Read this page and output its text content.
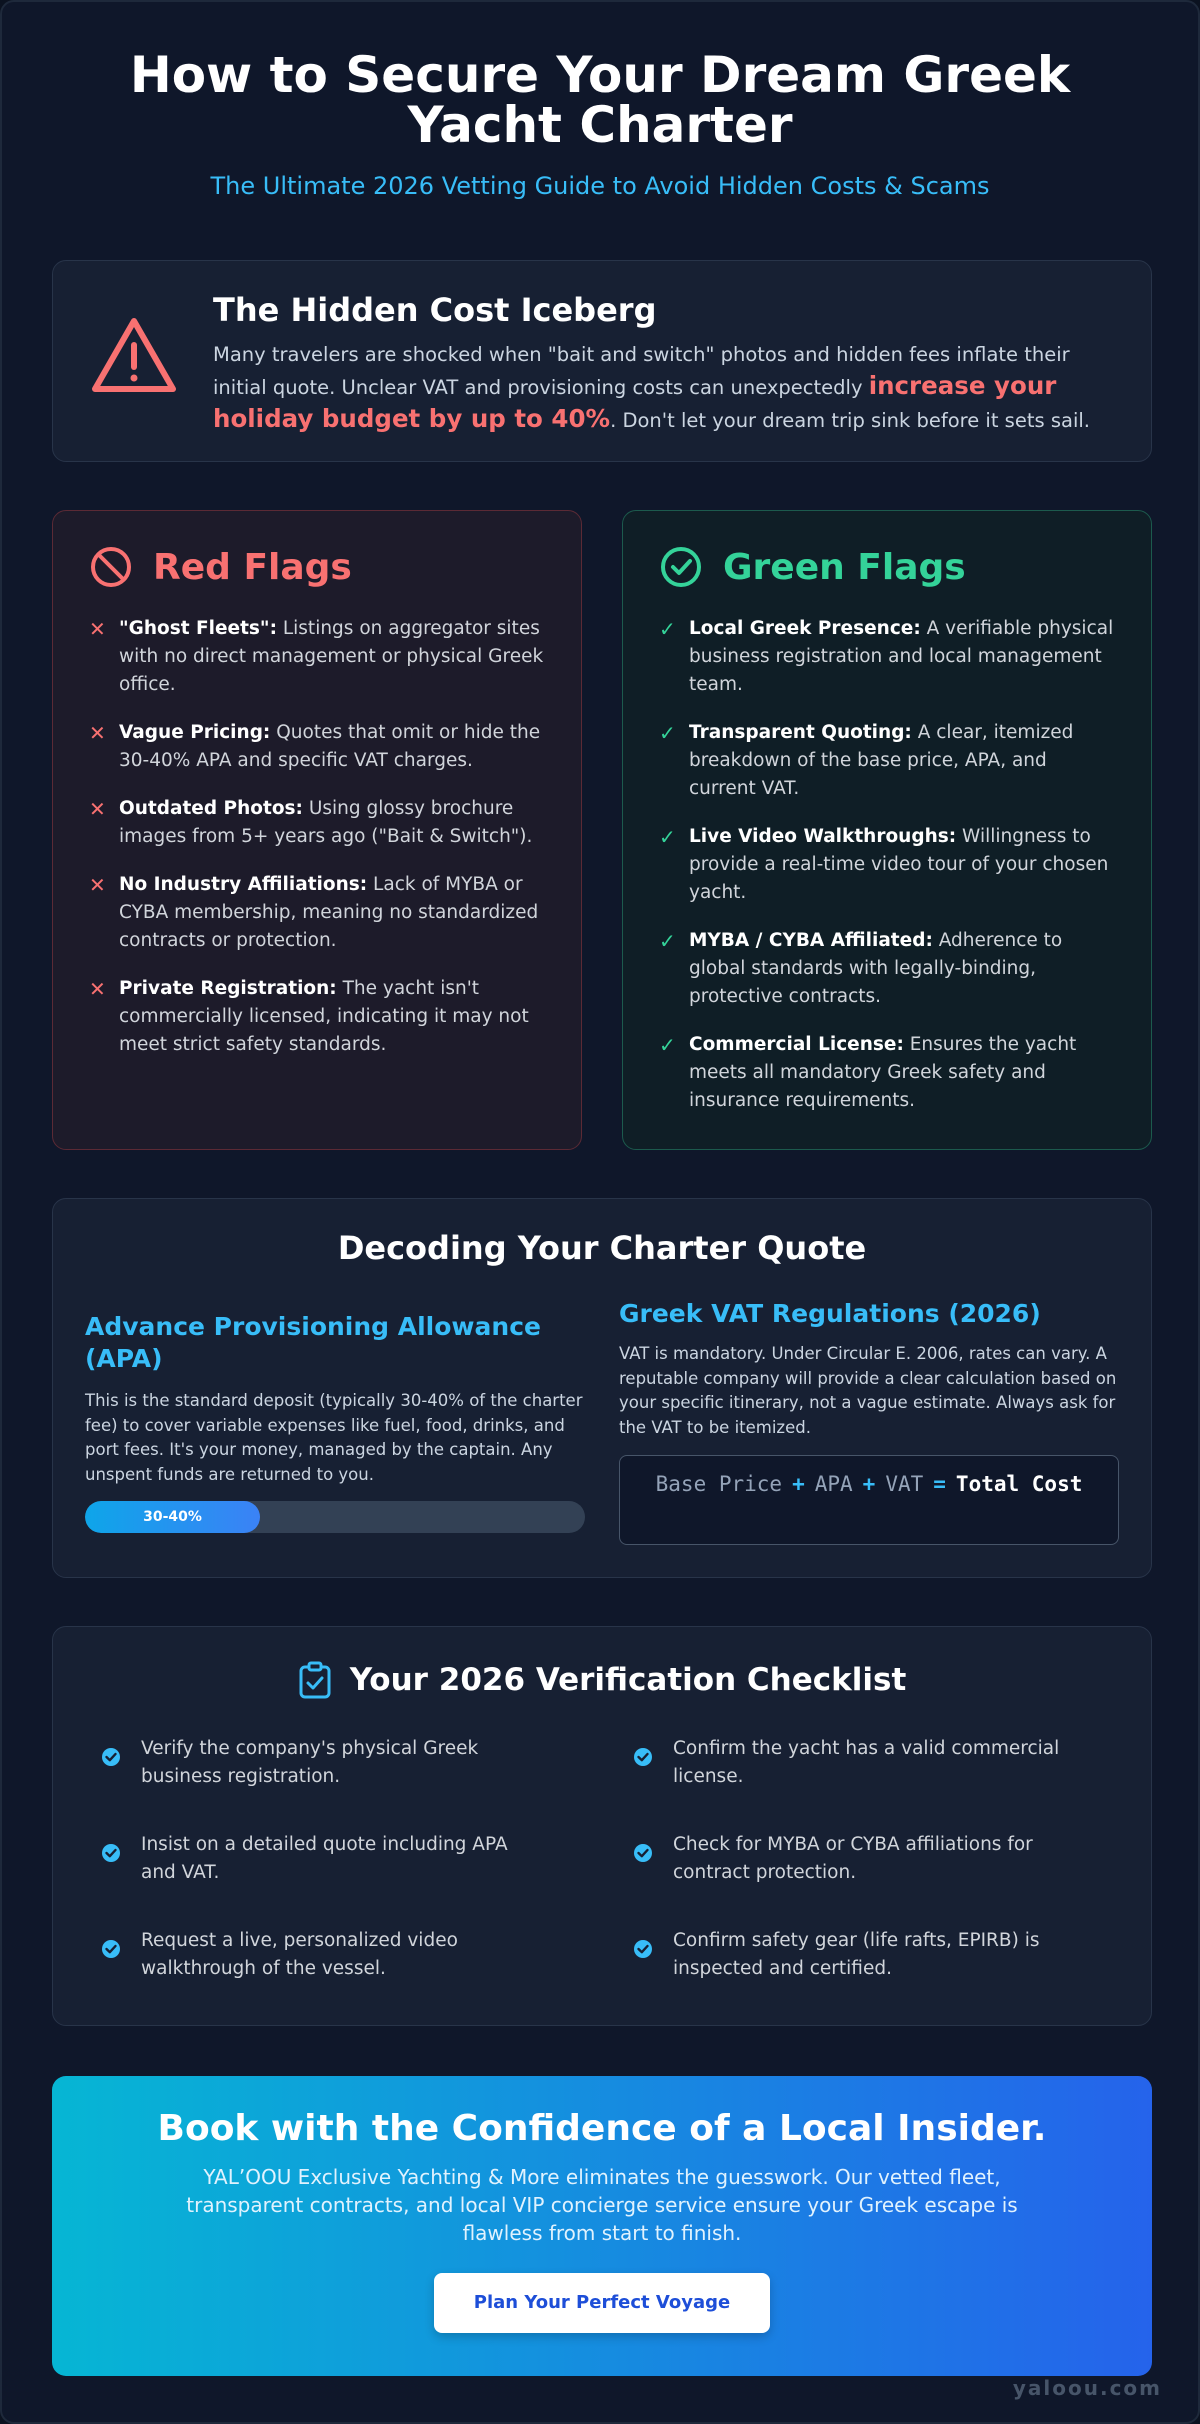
How to Secure Your Dream Greek Yacht Charter
The Ultimate 2026 Vetting Guide to Avoid Hidden Costs & Scams
The Hidden Cost Iceberg
Many travelers are shocked when "bait and switch" photos and hidden fees inflate their initial quote. Unclear VAT and provisioning costs can unexpectedly increase your holiday budget by up to 40%. Don't let your dream trip sink before it sets sail.
Red Flags
✕ "Ghost Fleets": Listings on aggregator sites with no direct management or physical Greek office.
✕ Vague Pricing: Quotes that omit or hide the 30-40% APA and specific VAT charges.
✕ Outdated Photos: Using glossy brochure images from 5+ years ago ("Bait & Switch").
✕ No Industry Affiliations: Lack of MYBA or CYBA membership, meaning no standardized contracts or protection.
✕ Private Registration: The yacht isn't commercially licensed, indicating it may not meet strict safety standards.
Green Flags
✓ Local Greek Presence: A verifiable physical business registration and local management team.
✓ Transparent Quoting: A clear, itemized breakdown of the base price, APA, and current VAT.
✓ Live Video Walkthroughs: Willingness to provide a real-time video tour of your chosen yacht.
✓ MYBA / CYBA Affiliated: Adherence to global standards with legally-binding, protective contracts.
✓ Commercial License: Ensures the yacht meets all mandatory Greek safety and insurance requirements.
Decoding Your Charter Quote
Advance Provisioning Allowance (APA)
This is the standard deposit (typically 30-40% of the charter fee) to cover variable expenses like fuel, food, drinks, and port fees. It's your money, managed by the captain. Any unspent funds are returned to you.
30-40%
Greek VAT Regulations (2026)
VAT is mandatory. Under Circular E. 2006, rates can vary. A reputable company will provide a clear calculation based on your specific itinerary, not a vague estimate. Always ask for the VAT to be itemized.
Base Price + APA + VAT = Total Cost
Your 2026 Verification Checklist
Verify the company's physical Greek business registration.
Confirm the yacht has a valid commercial license.
Insist on a detailed quote including APA and VAT.
Check for MYBA or CYBA affiliations for contract protection.
Request a live, personalized video walkthrough of the vessel.
Confirm safety gear (life rafts, EPIRB) is inspected and certified.
Book with the Confidence of a Local Insider.
YAL’OOU Exclusive Yachting & More eliminates the guesswork. Our vetted fleet, transparent contracts, and local VIP concierge service ensure your Greek escape is flawless from start to finish.
Plan Your Perfect Voyage
yaloou.com
